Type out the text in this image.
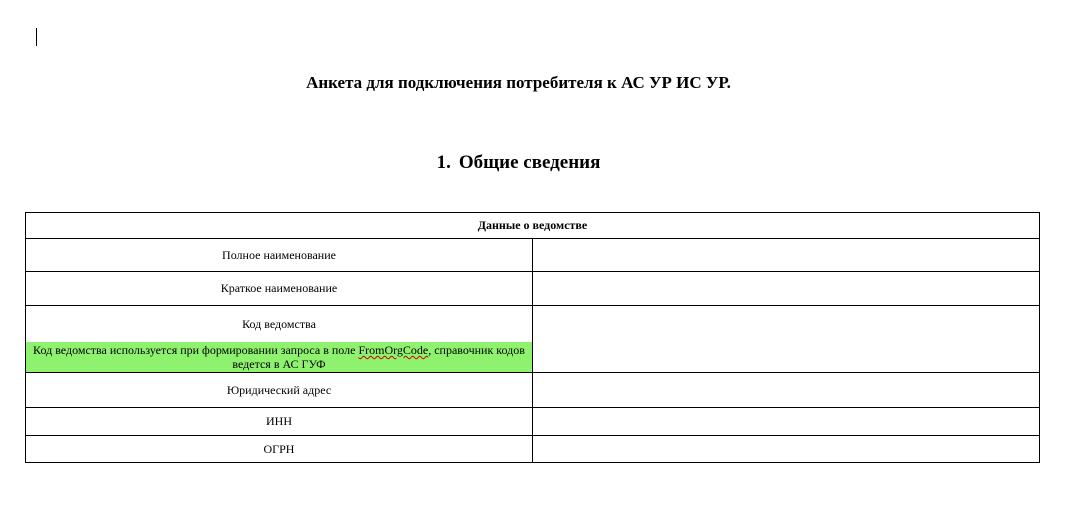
Анкета для подключения потребителя к АС УР ИС УР.
1. Общие сведения
Данные о ведомстве	
Полное наименование	
Краткое наименование	

Код ведомства
Код ведомства используется при формировании запроса в поле FromOrgCode, справочник кодов ведется в АС ГУФ	

Юридический адрес	
ИНН	
ОГРН	
